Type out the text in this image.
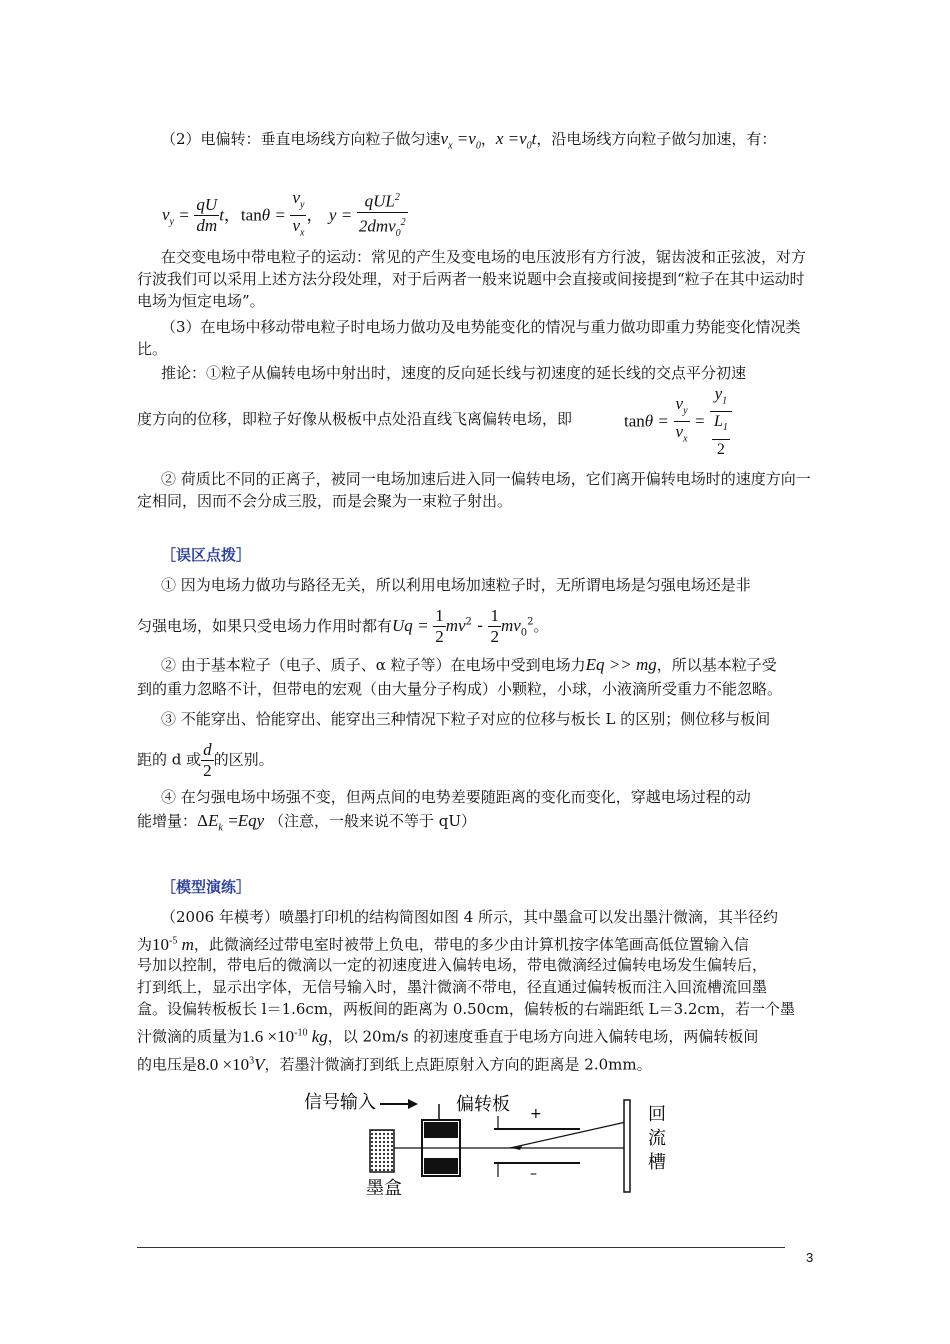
（2）电偏转：垂直电场线方向粒子做匀速$v_x =v_0$，$x =v_0t$，沿电场线方向粒子做匀加速，有：

$v_y = \frac{qU}{dm}$ t，$\tan\theta = \frac{v_y}{v_x}$ ， $y = \frac{qUL^2}{2dmv_0^2}$

在交变电场中带电粒子的运动：常见的产生及变电场的电压波形有方行波，锯齿波和正弦波，对方行波我们可以采用上述方法分段处理，对于后两者一般来说题中会直接或间接提到“粒子在其中运动时电场为恒定电场”。

（3）在电场中移动带电粒子时电场力做功及电势能变化的情况与重力做功即重力势能变化情况类比。

推论：①粒子从偏转电场中射出时，速度的反向延长线与初速度的延长线的交点平分初速

度方向的位移，即粒子好像从极板中点处沿直线飞离偏转电场，即	$\tan\theta = \frac{v_y}{v_x} = \frac{y_1}{\frac{L_1}{2}}$

② 荷质比不同的正离子，被同一电场加速后进入同一偏转电场，它们离开偏转电场时的速度方向一定相同，因而不会分成三股，而是会聚为一束粒子射出。

［误区点拨］

① 因为电场力做功与路径无关，所以利用电场加速粒子时，无所谓电场是匀强电场还是非

匀强电场，如果只受电场力作用时都有$Uq = \frac{1}{2} mv^2 - \frac{1}{2} mv_0^2$。

② 由于基本粒子（电子、质子、α 粒子等）在电场中受到电场力Eq >> mg，所以基本粒子受

到的重力忽略不计，但带电的宏观（由大量分子构成）小颗粒，小球，小液滴所受重力不能忽略。

③ 不能穿出、恰能穿出、能穿出三种情况下粒子对应的位移与板长 L 的区别；侧位移与板间

距的 d 或 $\frac{d}{2}$ 的区别。

④ 在匀强电场中场强不变，但两点间的电势差要随距离的变化而变化，穿越电场过程的动

能增量：$\Delta E_k =Eqy$ （注意，一般来说不等于 qU）

［模型演练］

（2006 年模考）喷墨打印机的结构简图如图 4 所示，其中墨盒可以发出墨汁微滴，其半径约

为$10^{-5}$ m，此微滴经过带电室时被带上负电，带电的多少由计算机按字体笔画高低位置输入信

号加以控制，带电后的微滴以一定的初速度进入偏转电场，带电微滴经过偏转电场发生偏转后，

打到纸上，显示出字体，无信号输入时，墨汁微滴不带电，径直通过偏转板而注入回流槽流回墨

盒。设偏转板板长 l＝1.6cm，两板间的距离为 0.50cm，偏转板的右端距纸 L＝3.2cm，若一个墨

汁微滴的质量为$1.6 \times 10^{-10}$ kg，以 20m/s 的初速度垂直于电场方向进入偏转电场，两偏转板间

的电压是$8.0 \times 10^3V$，若墨汁微滴打到纸上点距原射入方向的距离是 2.0mm。

信号输入	偏转板 +
–
回
流
槽
墨盒
3
